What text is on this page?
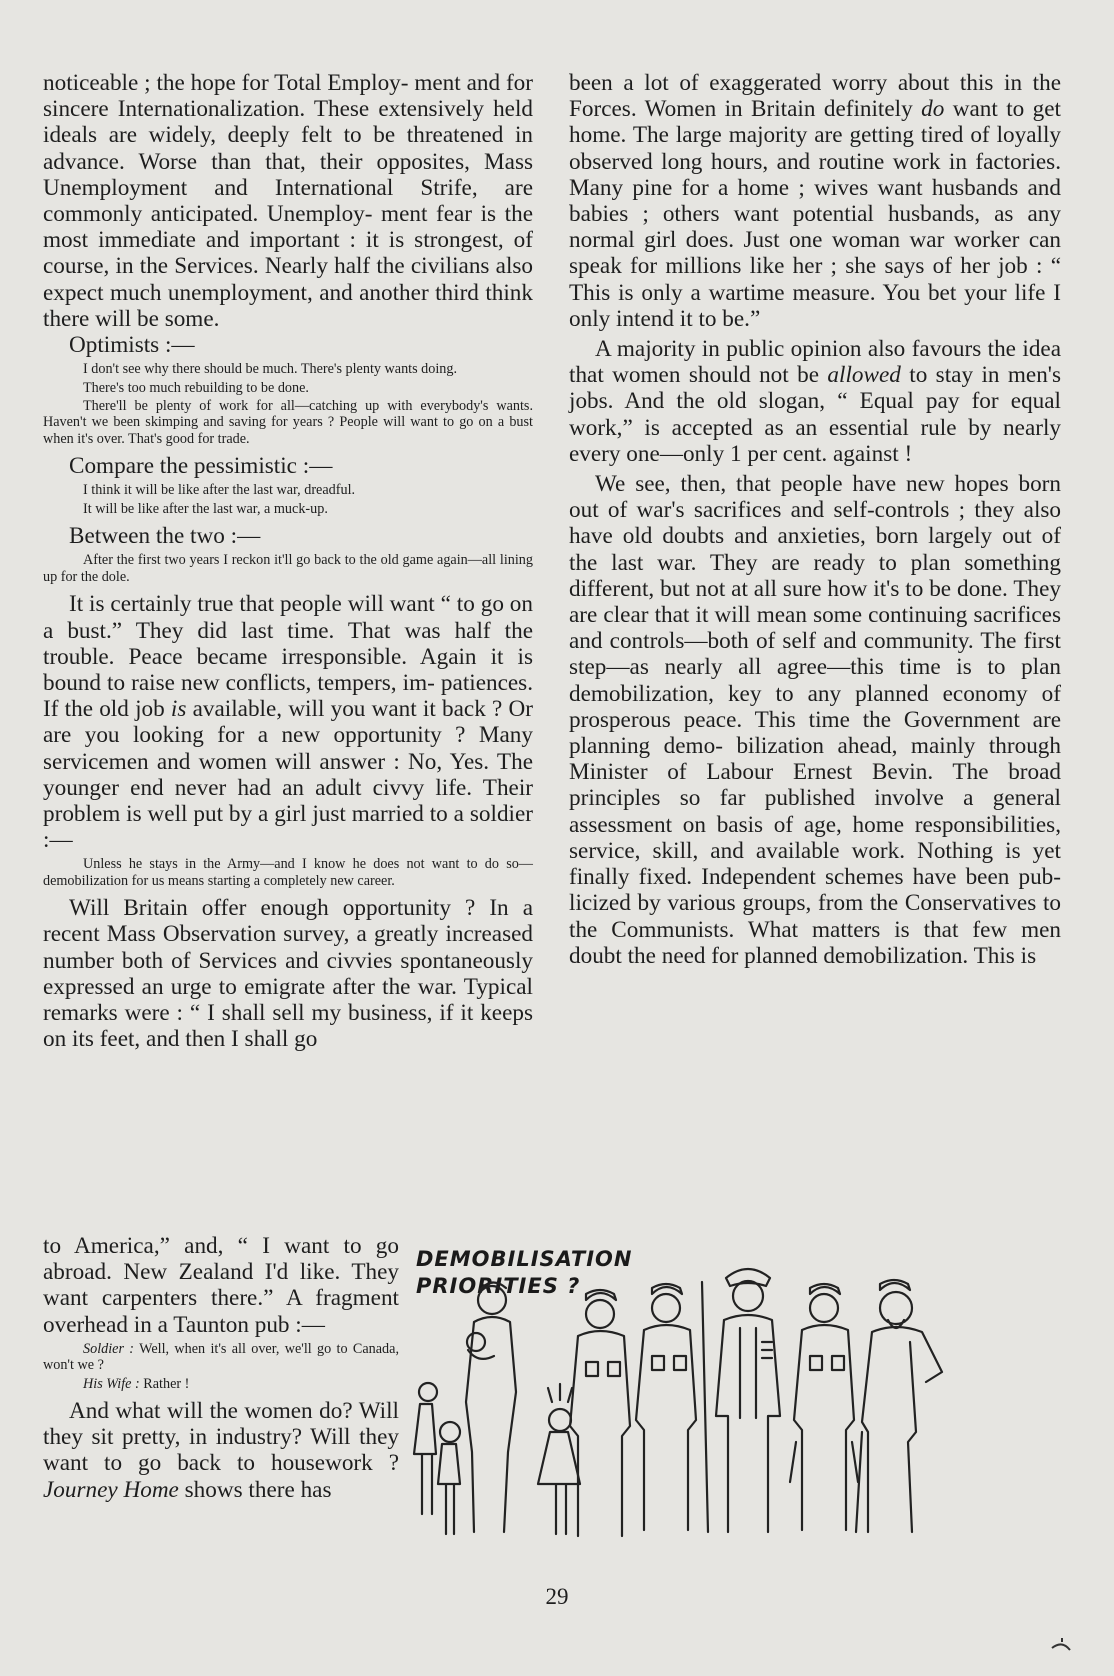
noticeable ; the hope for Total Employ- ment and for sincere Internationalization. These extensively held ideals are widely, deeply felt to be threatened in advance. Worse than that, their opposites, Mass Unemployment and International Strife, are commonly anticipated. Unemploy- ment fear is the most immediate and important : it is strongest, of course, in the Services. Nearly half the civilians also expect much unemployment, and another third think there will be some.

Optimists :—

I don't see why there should be much. There's plenty wants doing.

There's too much rebuilding to be done.

There'll be plenty of work for all—catching up with everybody's wants. Haven't we been skimping and saving for years ? People will want to go on a bust when it's over. That's good for trade.

Compare the pessimistic :—

I think it will be like after the last war, dreadful.

It will be like after the last war, a muck-up.

Between the two :—

After the first two years I reckon it'll go back to the old game again—all lining up for the dole.

It is certainly true that people will want “ to go on a bust.” They did last time. That was half the trouble. Peace became irresponsible. Again it is bound to raise new conflicts, tempers, im- patiences. If the old job is available, will you want it back ? Or are you looking for a new opportunity ? Many servicemen and women will answer : No, Yes. The younger end never had an adult civvy life. Their problem is well put by a girl just married to a soldier :—

Unless he stays in the Army—and I know he does not want to do so—demobilization for us means starting a completely new career.

Will Britain offer enough opportunity ? In a recent Mass Observation survey, a greatly increased number both of Services and civvies spontaneously expressed an urge to emigrate after the war. Typical remarks were : “ I shall sell my business, if it keeps on its feet, and then I shall go

to America,” and, “ I want to go abroad. New Zealand I'd like. They want carpenters there.” A fragment overhead in a Taunton pub :—

Soldier : Well, when it's all over, we'll go to Canada, won't we ?

His Wife : Rather !

And what will the women do? Will they sit pretty, in industry? Will they want to go back to housework ? Journey Home shows there has

been a lot of exaggerated worry about this in the Forces. Women in Britain definitely do want to get home. The large majority are getting tired of loyally observed long hours, and routine work in factories. Many pine for a home ; wives want husbands and babies ; others want potential husbands, as any normal girl does. Just one woman war worker can speak for millions like her ; she says of her job : “ This is only a wartime measure. You bet your life I only intend it to be.”

A majority in public opinion also favours the idea that women should not be allowed to stay in men's jobs. And the old slogan, “ Equal pay for equal work,” is accepted as an essential rule by nearly every one—only 1 per cent. against !

We see, then, that people have new hopes born out of war's sacrifices and self-controls ; they also have old doubts and anxieties, born largely out of the last war. They are ready to plan something different, but not at all sure how it's to be done. They are clear that it will mean some continuing sacrifices and controls—both of self and community. The first step—as nearly all agree—this time is to plan demobilization, key to any planned economy of prosperous peace. This time the Government are planning demo- bilization ahead, mainly through Minister of Labour Ernest Bevin. The broad principles so far published involve a general assessment on basis of age, home responsibilities, service, skill, and available work. Nothing is yet finally fixed. Independent schemes have been pub- licized by various groups, from the Conservatives to the Communists. What matters is that few men doubt the need for planned demobilization. This is

DEMOBILISATION
PRIORITIES ?
29
